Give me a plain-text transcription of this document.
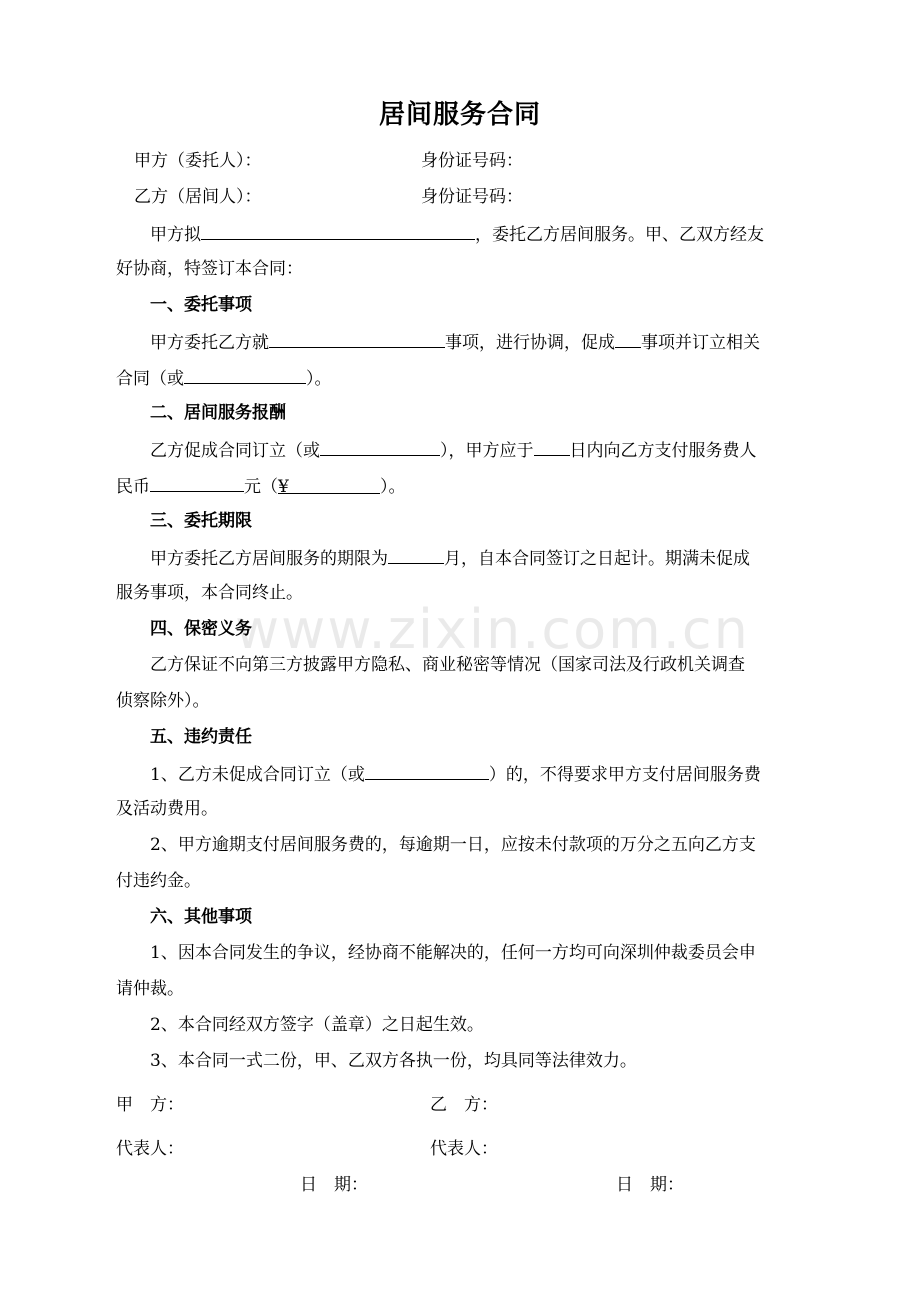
居间服务合同
甲方（委托人）：	身份证号码：
乙方（居间人）：	身份证号码：
甲方拟	，委托乙方居间服务。甲、乙双方经友
好协商，特签订本合同：
一、委托事项
甲方委托乙方就	事项，进行协调，促成 事项并订立相关
合同（或	）。
二、居间服务报酬
乙方促成合同订立（或	），甲方应于 日内向乙方支付服务费人
民币	元（¥	）。
三、委托期限
甲方委托乙方居间服务的期限为	月，自本合同签订之日起计。期满未促成
服务事项，本合同终止。
四、保密义务
乙方保证不向第三方披露甲方隐私、商业秘密等情况（国家司法及行政机关调查
侦察除外）。
五、违约责任
1、乙方未促成合同订立（或	）的，不得要求甲方支付居间服务费
及活动费用。
2、甲方逾期支付居间服务费的，每逾期一日，应按未付款项的万分之五向乙方支
付违约金。
六、其他事项
1、因本合同发生的争议，经协商不能解决的，任何一方均可向深圳仲裁委员会申
请仲裁。
2、本合同经双方签字（盖章）之日起生效。
3、本合同一式二份，甲、乙双方各执一份，均具同等法律效力。
甲　方：	乙　方：
代表人：	代表人：
日　期：	日　期：
www.zixin.com.cn
